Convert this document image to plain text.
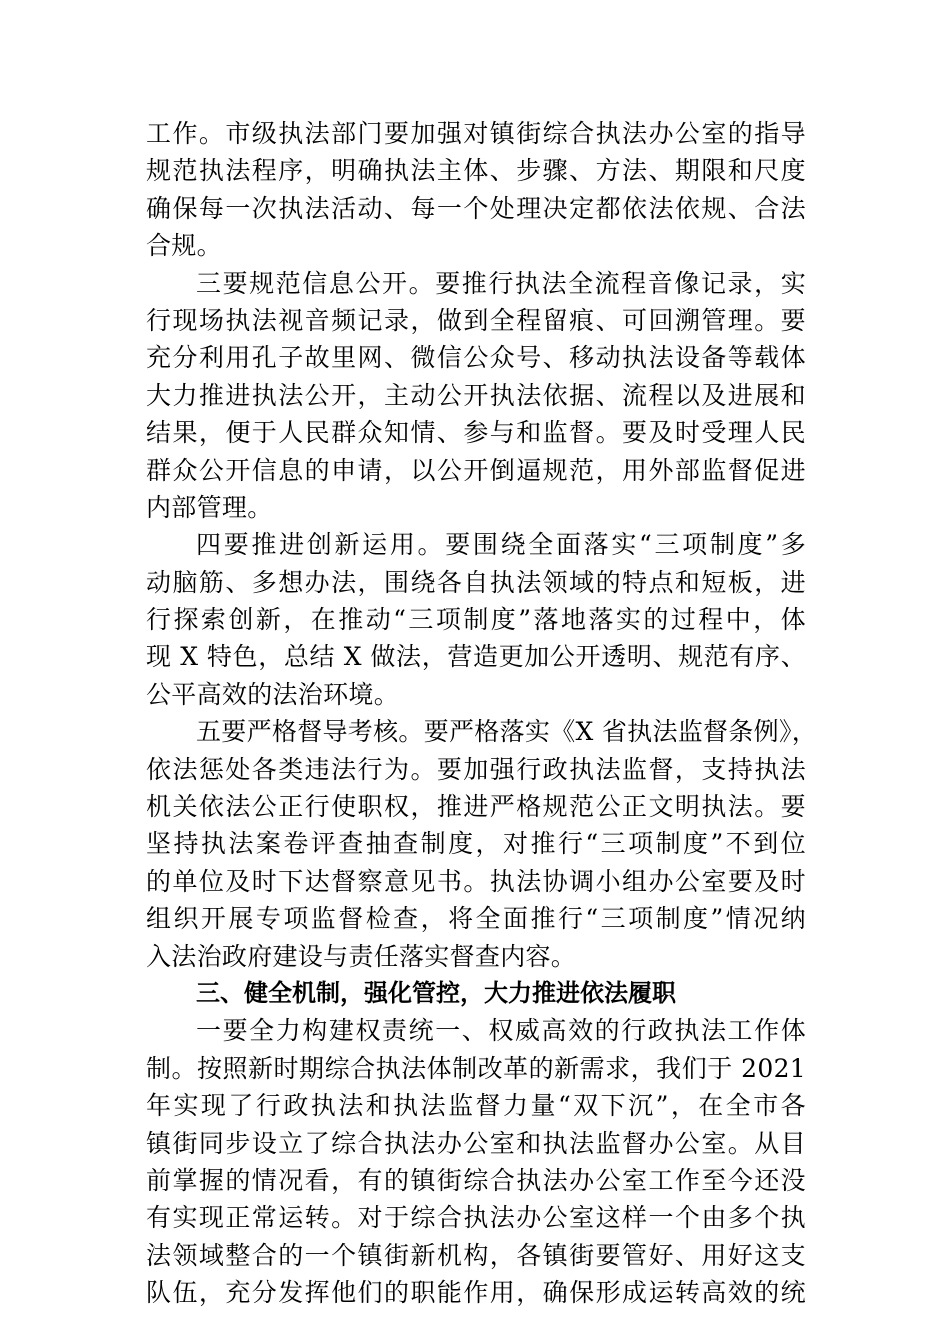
工作。市级执法部门要加强对镇街综合执法办公室的指导
规范执法程序，明确执法主体、步骤、方法、期限和尺度
确保每一次执法活动、每一个处理决定都依法依规、合法
合规。
三要规范信息公开。要推行执法全流程音像记录，实
行现场执法视音频记录，做到全程留痕、可回溯管理。要
充分利用孔子故里网、微信公众号、移动执法设备等载体
大力推进执法公开，主动公开执法依据、流程以及进展和
结果，便于人民群众知情、参与和监督。要及时受理人民
群众公开信息的申请，以公开倒逼规范，用外部监督促进
内部管理。
四要推进创新运用。要围绕全面落实“三项制度”多
动脑筋、多想办法，围绕各自执法领域的特点和短板，进
行探索创新，在推动“三项制度”落地落实的过程中，体
现 X 特色，总结 X 做法，营造更加公开透明、规范有序、
公平高效的法治环境。
五要严格督导考核。要严格落实《X 省执法监督条例》，
依法惩处各类违法行为。要加强行政执法监督，支持执法
机关依法公正行使职权，推进严格规范公正文明执法。要
坚持执法案卷评查抽查制度，对推行“三项制度”不到位
的单位及时下达督察意见书。执法协调小组办公室要及时
组织开展专项监督检查，将全面推行“三项制度”情况纳
入法治政府建设与责任落实督查内容。
三、健全机制，强化管控，大力推进依法履职
一要全力构建权责统一、权威高效的行政执法工作体
制。按照新时期综合执法体制改革的新需求，我们于 2021
年实现了行政执法和执法监督力量“双下沉”，在全市各
镇街同步设立了综合执法办公室和执法监督办公室。从目
前掌握的情况看，有的镇街综合执法办公室工作至今还没
有实现正常运转。对于综合执法办公室这样一个由多个执
法领域整合的一个镇街新机构，各镇街要管好、用好这支
队伍，充分发挥他们的职能作用，确保形成运转高效的统
